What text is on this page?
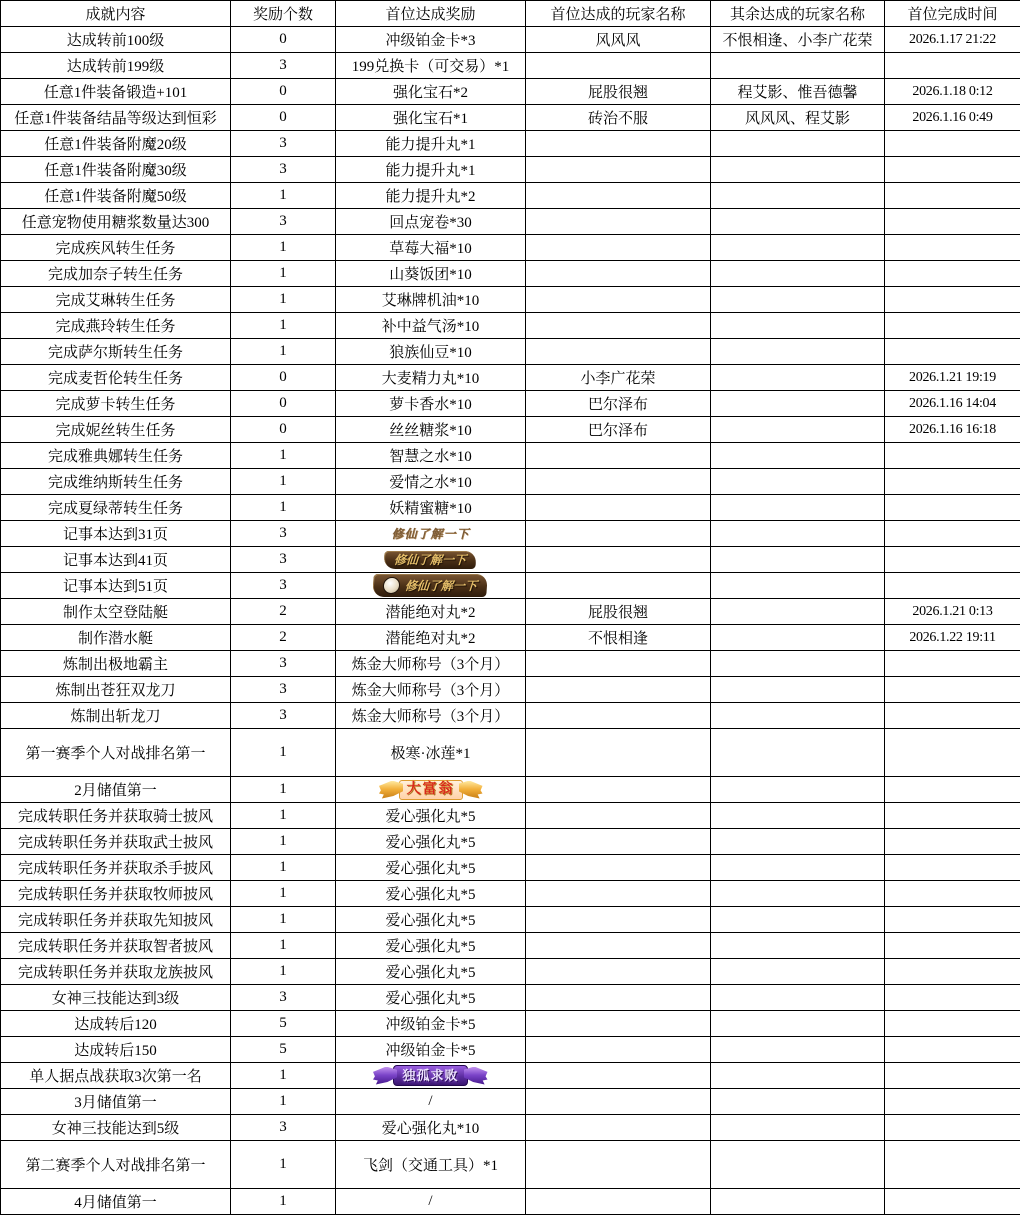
成就内容	奖励个数	首位达成奖励	首位达成的玩家名称	其余达成的玩家名称	首位完成时间
达成转前100级	0	冲级铂金卡*3	风风风	不恨相逢、小李广花荣	2026.1.17 21:22
达成转前199级	3	199兑换卡（可交易）*1			
任意1件装备锻造+101	0	强化宝石*2	屁股很翘	程艾影、惟吾德馨	2026.1.18 0:12
任意1件装备结晶等级达到恒彩	0	强化宝石*1	砖治不服	风风风、程艾影	2026.1.16 0:49
任意1件装备附魔20级	3	能力提升丸*1			
任意1件装备附魔30级	3	能力提升丸*1			
任意1件装备附魔50级	1	能力提升丸*2			
任意宠物使用糖浆数量达300	3	回点宠卷*30			
完成疾风转生任务	1	草莓大福*10			
完成加奈子转生任务	1	山葵饭团*10			
完成艾琳转生任务	1	艾琳牌机油*10			
完成燕玲转生任务	1	补中益气汤*10			
完成萨尔斯转生任务	1	狼族仙豆*10			
完成麦哲伦转生任务	0	大麦精力丸*10	小李广花荣		2026.1.21 19:19
完成萝卡转生任务	0	萝卡香水*10	巴尔泽布		2026.1.16 14:04
完成妮丝转生任务	0	丝丝糖浆*10	巴尔泽布		2026.1.16 16:18
完成雅典娜转生任务	1	智慧之水*10			
完成维纳斯转生任务	1	爱情之水*10			
完成夏绿蒂转生任务	1	妖精蜜糖*10			
记事本达到31页	3	修仙了解一下			
记事本达到41页	3	修仙了解一下			
记事本达到51页	3	修仙了解一下			

制作太空登陆艇	2	潜能绝对丸*2	屁股很翘		2026.1.21 0:13
制作潜水艇	2	潜能绝对丸*2	不恨相逢		2026.1.22 19:11
炼制出极地霸主	3	炼金大师称号（3个月）			
炼制出苍狂双龙刀	3	炼金大师称号（3个月）			
炼制出斩龙刀	3	炼金大师称号（3个月）			
第一赛季个人对战排名第一	1	极寒·冰莲*1			
2月储值第一	1	大富翁			

完成转职任务并获取骑士披风	1	爱心强化丸*5			
完成转职任务并获取武士披风	1	爱心强化丸*5			
完成转职任务并获取杀手披风	1	爱心强化丸*5			
完成转职任务并获取牧师披风	1	爱心强化丸*5			
完成转职任务并获取先知披风	1	爱心强化丸*5			
完成转职任务并获取智者披风	1	爱心强化丸*5			
完成转职任务并获取龙族披风	1	爱心强化丸*5			
女神三技能达到3级	3	爱心强化丸*5			
达成转后120	5	冲级铂金卡*5			
达成转后150	5	冲级铂金卡*5			
单人据点战获取3次第一名	1	独孤求败			

3月储值第一	1	/			
女神三技能达到5级	3	爱心强化丸*10			
第二赛季个人对战排名第一	1	飞剑（交通工具）*1			
4月储值第一	1	/			
